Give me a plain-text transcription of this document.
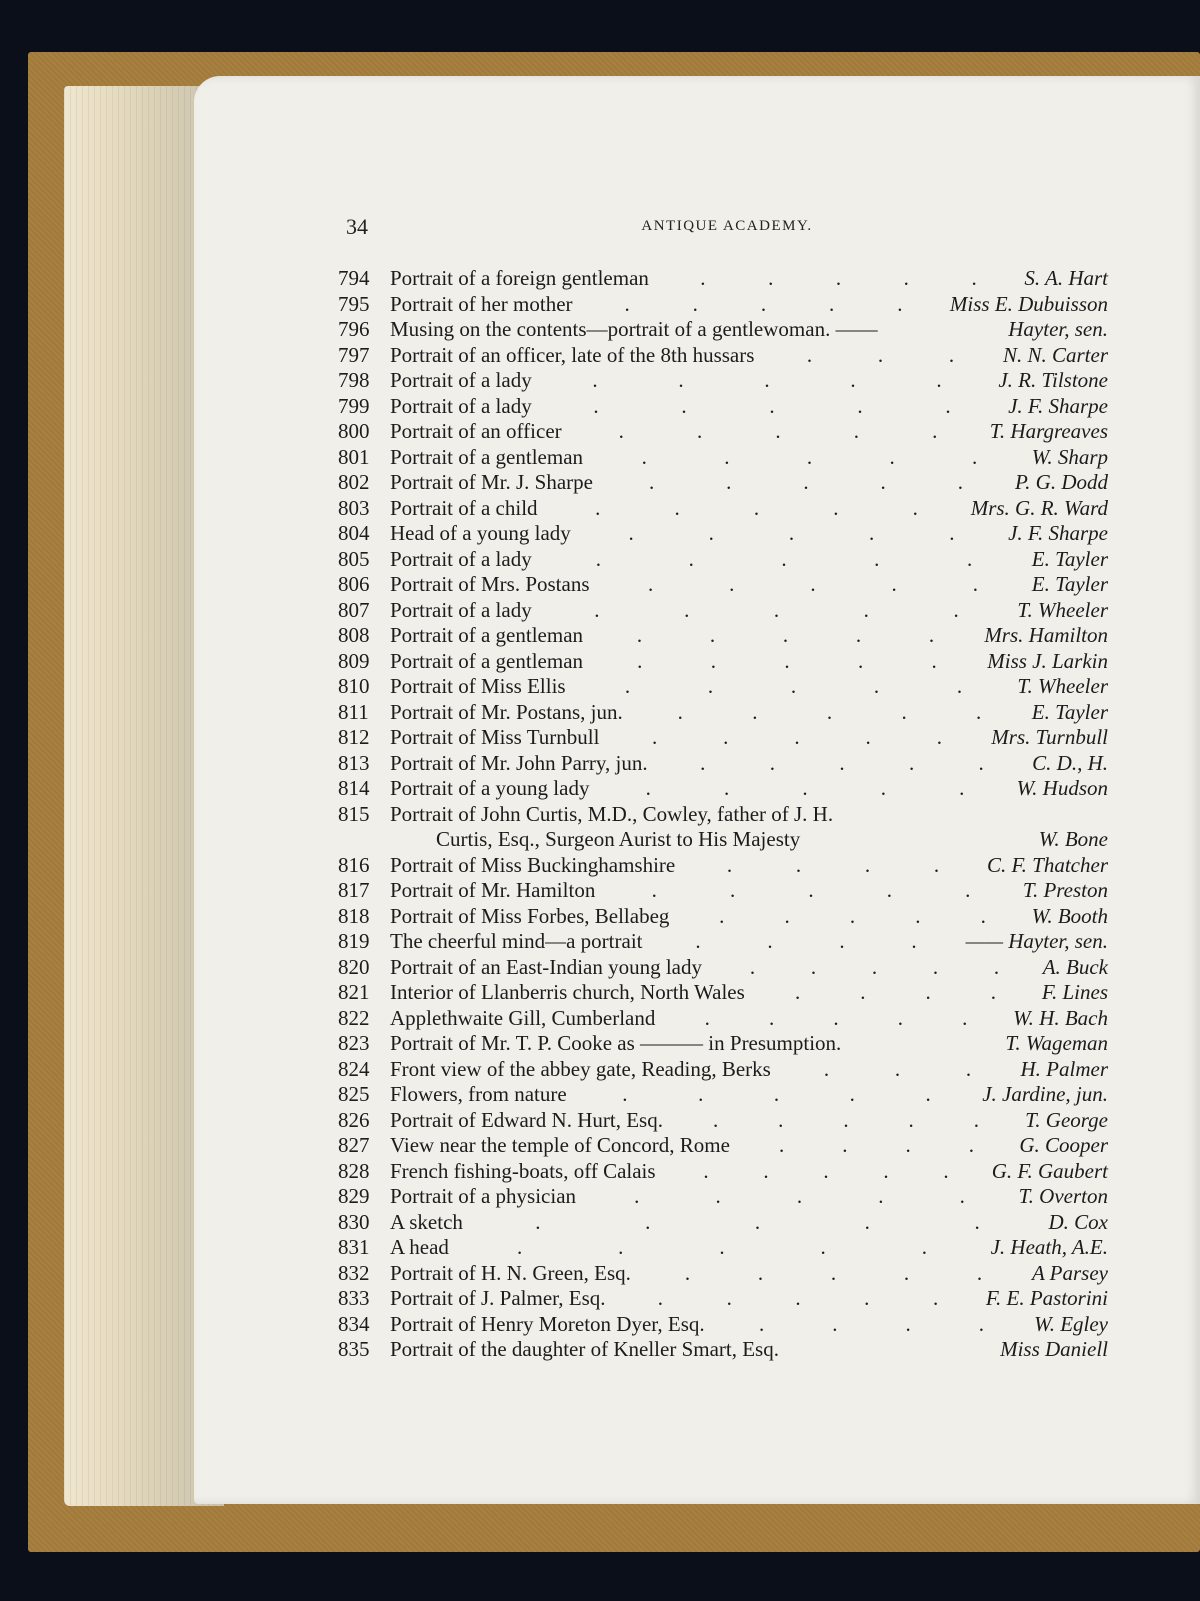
34	ANTIQUE ACADEMY.
794 Portrait of a foreign gentleman	S. A. Hart
.	.	.	.	.
795 Portrait of her mother	Miss E. Dubuisson
.	.	.	.	.
796 Musing on the contents—portrait of a gentlewoman. ——	Hayter, sen.
797 Portrait of an officer, late of the 8th hussars	N. N. Carter
.	.	.
798 Portrait of a lady	J. R. Tilstone
.	.	.	.	.
799 Portrait of a lady	J. F. Sharpe
.	.	.	.	.
800 Portrait of an officer	T. Hargreaves
.	.	.	.	.
801 Portrait of a gentleman	W. Sharp
.	.	.	.	.
802 Portrait of Mr. J. Sharpe	P. G. Dodd
.	.	.	.	.
803 Portrait of a child	Mrs. G. R. Ward
.	.	.	.	.
804 Head of a young lady	J. F. Sharpe
.	.	.	.	.
805 Portrait of a lady	E. Tayler
.	.	.	.	.
806 Portrait of Mrs. Postans	E. Tayler
.	.	.	.	.
807 Portrait of a lady	T. Wheeler
.	.	.	.	.
808 Portrait of a gentleman	Mrs. Hamilton
.	.	.	.	.
809 Portrait of a gentleman	Miss J. Larkin
.	.	.	.	.
810 Portrait of Miss Ellis	T. Wheeler
.	.	.	.	.
811	Portrait of Mr. Postans, jun.	E. Tayler
.	.	.	.	.
812 Portrait of Miss Turnbull	Mrs. Turnbull
.	.	.	.	.
813 Portrait of Mr. John Parry, jun.	C. D., H.
.	.	.	.	.
814 Portrait of a young lady	W. Hudson
.	.	.	.	.
815 Portrait of John Curtis, M.D., Cowley, father of J. H.
Curtis, Esq., Surgeon Aurist to His Majesty	W. Bone
816 Portrait of Miss Buckinghamshire	C. F. Thatcher
.	.	.	.
817 Portrait of Mr. Hamilton	T. Preston
.	.	.	.	.
818 Portrait of Miss Forbes, Bellabeg	W. Booth
.	.	.	.	.
819 The cheerful mind—a portrait	—— Hayter, sen.
.	.	.	.
820 Portrait of an East-Indian young lady	A. Buck
.	.	.	.	.
821 Interior of Llanberris church, North Wales	F. Lines
.	.	.	.
822 Applethwaite Gill, Cumberland	W. H. Bach
.	.	.	.	.
823 Portrait of Mr. T. P. Cooke as ——— in Presumption.	T. Wageman
824 Front view of the abbey gate, Reading, Berks	H. Palmer
.	.	.
825 Flowers, from nature	J. Jardine, jun.
.	.	.	.	.
826 Portrait of Edward N. Hurt, Esq.	T. George
.	.	.	.	.
827 View near the temple of Concord, Rome	G. Cooper
.	.	.	.
828 French fishing-boats, off Calais	G. F. Gaubert
.	.	.	.	.
829 Portrait of a physician	T. Overton
.	.	.	.	.
830 A sketch	D. Cox
.	.	.	.	.
831 A head	J. Heath, A.E.
.	.	.	.	.
832 Portrait of H. N. Green, Esq.	A Parsey
.	.	.	.	.
833 Portrait of J. Palmer, Esq.	F. E. Pastorini
.	.	.	.	.
834 Portrait of Henry Moreton Dyer, Esq.	W. Egley
.	.	.	.
835 Portrait of the daughter of Kneller Smart, Esq.	Miss Daniell
